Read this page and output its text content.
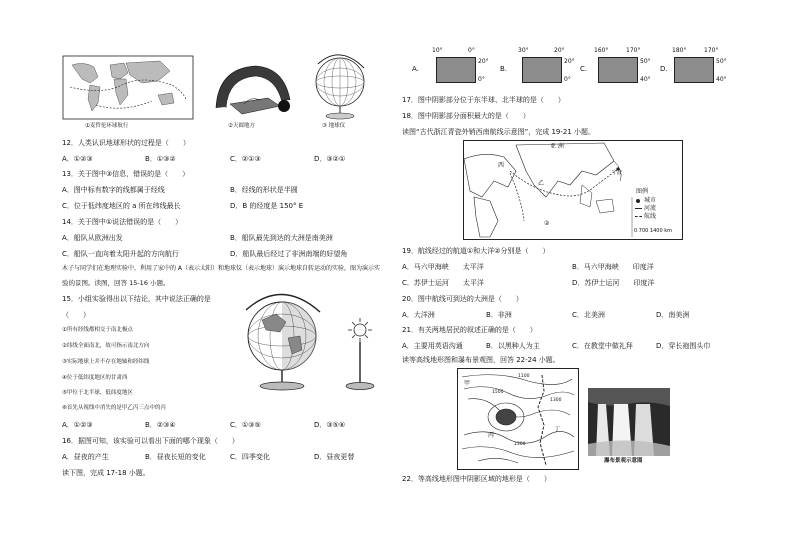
①麦哲伦环球航行	②天圆地方	③ 地球仪
12．人类认识地球形状的过程是（　　）
A．①②③	B．①③②	C．②①③	D．③②①
13．关于图中③信息，错误的是（　　）
A．图中标有数字的线都属于经线	B．经线的形状是半圆
C．位于低纬度地区的 a 所在纬线最长	D．B 的经度是 150° E
14．关于图中①说法错误的是（　　）
A．船队从欧洲出发	B．船队最先到达的大洲是南美洲
C．船队一直向着太阳升起的方向航行	D．船队最后经过了非洲南端的好望角
木子与同学们在地理实验中，利用了家中的 A（表示太阳）和地球仪（表示地球）演示地球自转运动的实验，图为演示实
验的景图。读图，回答 15-16 小题。
15．小组实验得出以下结论，其中说法正确的是
（　　）
①所有经线都相交于南北极点
②纬线全面南北，故可指示南北方向
③实际地球上并不存在地轴和经纬线
④位于低纬度地区的甘肃西
⑤甲位于北半球、低纬度地区
⑥首先从视线中消失的是甲乙丙三点中的丙
A．①②③	B．②③④	C．①③⑤	D．③⑤⑥
16．据图可知，该实验可以看出下面的哪个现象（　　）
A．昼夜的产生	B．昼夜长短的变化	C．四季变化	D．昼夜更替
读下图，完成 17-18 小题。
10°	0°
A.
20°
0°
30°	20°
B.
20°
0°
160°	170°
C.
50°
40°
180°	170°
D.
50°
40°
17．图中阴影部分位于东半球、北半球的是（　　）
18．图中阴影部分面积最大的是（　　）
读图“古代浙江青瓷外销西南航线示意图”，完成 19-21 小题。
亚 洲
西
乙
宁波
②
图例
城市
河流
航线
0 700 1400 km
19．航线经过的航道①和大洋②分别是（　　）
A．马六甲海峡　　太平洋	B．马六甲海峡　　印度洋
C．苏伊士运河　　太平洋	D．苏伊士运河　　印度洋
20．图中航线可到达的大洲是（　　）
A．大洋洲	B．非洲	C．北美洲	D．南美洲
21．有关两地居民的叙述正确的是（　　）
A．主要用英语沟通	B．以黑种人为主	C．在教堂中做礼拜	D．穿长袍围头巾
读等高线地形图和瀑布景观图，回答 22-24 小题。
甲
丙
丁
1500
1100
1300
1300
瀑布景观示意图
22．等高线地形图中阴影区域的地形是（　　）
